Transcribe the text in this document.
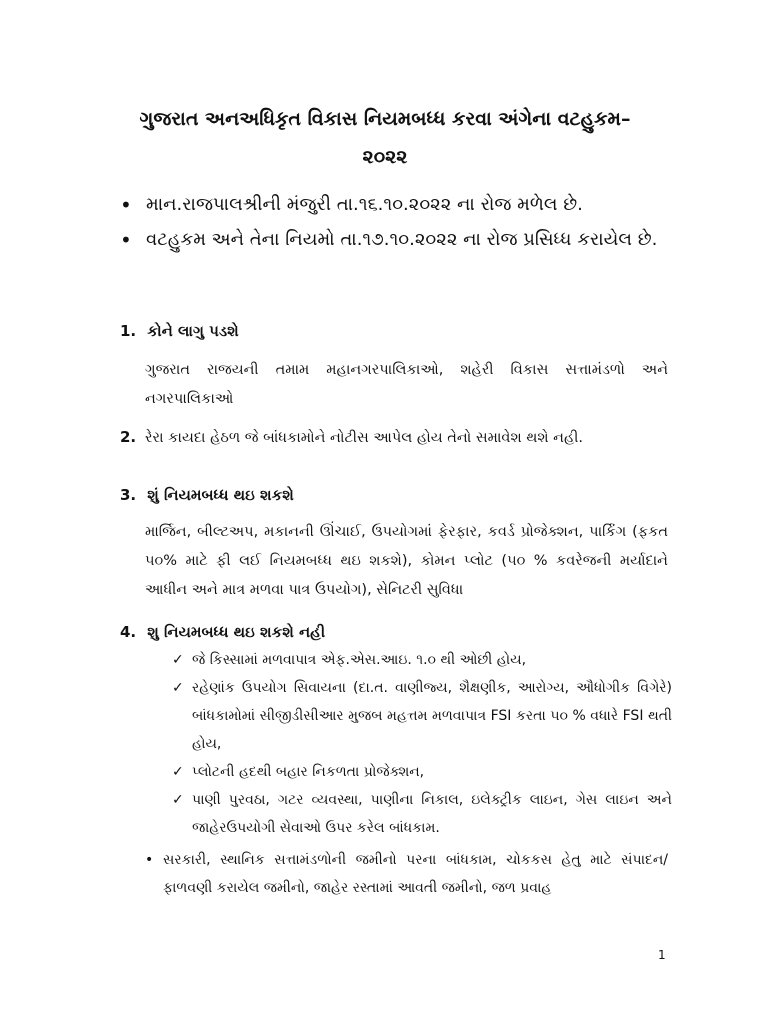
ગુજરાત અનઅધિકૃત વિકાસ નિયમબધ્ધ કરવા અંગેના વટહુકમ–
૨૦૨૨
• માન.રાજપાલશ્રીની મંજુરી તા.૧૬.૧૦.૨૦૨૨ ના રોજ મળેલ છે.
• વટહુકમ અને તેના નિયમો તા.૧૭.૧૦.૨૦૨૨ ના રોજ પ્રસિધ્ધ કરાયેલ છે.
1. કોને લાગુ પડશે
ગુજરાત રાજયની તમામ મહાનગરપાલિકાઓ, શહેરી વિકાસ સત્તામંડળો અને નગરપાલિકાઓ
2. રેરા કાયદા હેઠળ જે બાંધકામોને નોટીસ આપેલ હોય તેનો સમાવેશ થશે નહી.
3. શું નિયમબધ્ધ થઇ શકશે
માર્જિન, બીલ્ટઅપ, મકાનની ઊંચાઈ, ઉપયોગમાં ફેરફાર, કવર્ડ પ્રોજેક્શન, પાર્કિંગ (ફકત ૫૦% માટે ફી લઈ નિયમબધ્ધ થઇ શકશે), કોમન પ્લોટ (૫૦ % કવરેજની મર્યાદાને આધીન અને માત્ર મળવા પાત્ર ઉપયોગ), સેનિટરી સુવિધા
4. શુ નિયમબધ્ધ થઇ શકશે નહી
✓ જે કિસ્સામાં મળવાપાત્ર એફ.એસ.આઇ. ૧.૦ થી ઓછી હોય,
✓ રહેણાંક ઉપયોગ સિવાયના (દા.ત. વાણીજ્ય, શૈક્ષણીક, આરોગ્ય, ઔધોગીક વિગેરે) બાંધકામોમાં સીજીડીસીઆર મુજબ મહત્તમ મળવાપાત્ર FSI કરતા ૫૦ % વધારે FSI થતી હોય,
✓ પ્લોટની હદથી બહાર નિકળતા પ્રોજેક્શન,
✓ પાણી પુરવઠા, ગટર વ્યવસ્થા, પાણીના નિકાલ, ઇલેક્ટ્રીક લાઇન, ગેસ લાઇન અને જાહેરઉપયોગી સેવાઓ ઉપર કરેલ બાંધકામ.
• સરકારી, સ્થાનિક સત્તામંડળોની જમીનો પરના બાંધકામ, ચોકકસ હેતુ માટે સંપાદન/ ફાળવણી કરાયેલ જમીનો, જાહેર રસ્તામાં આવતી જમીનો, જળ પ્રવાહ
1
